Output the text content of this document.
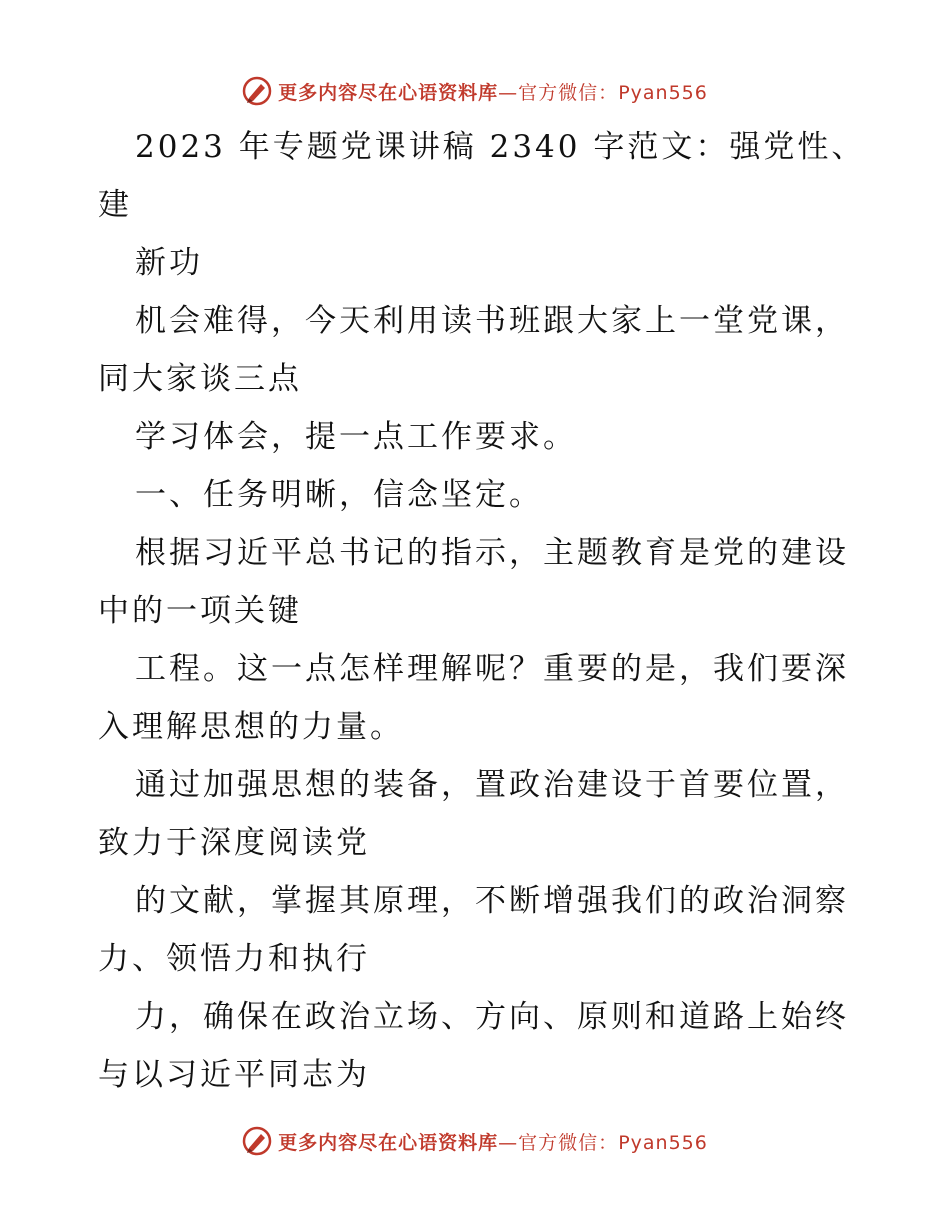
更多内容尽在心语资料库—官方微信：Pyan556
2023 年专题党课讲稿 2340 字范文：强党性、
建
新功
机会难得，今天利用读书班跟大家上一堂党课，
同大家谈三点
学习体会，提一点工作要求。
一、任务明晰，信念坚定。
根据习近平总书记的指示，主题教育是党的建设
中的一项关键
工程。这一点怎样理解呢？重要的是，我们要深
入理解思想的力量。
通过加强思想的装备，置政治建设于首要位置，
致力于深度阅读党
的文献，掌握其原理，不断增强我们的政治洞察
力、领悟力和执行
力，确保在政治立场、方向、原则和道路上始终
与以习近平同志为
更多内容尽在心语资料库—官方微信：Pyan556
